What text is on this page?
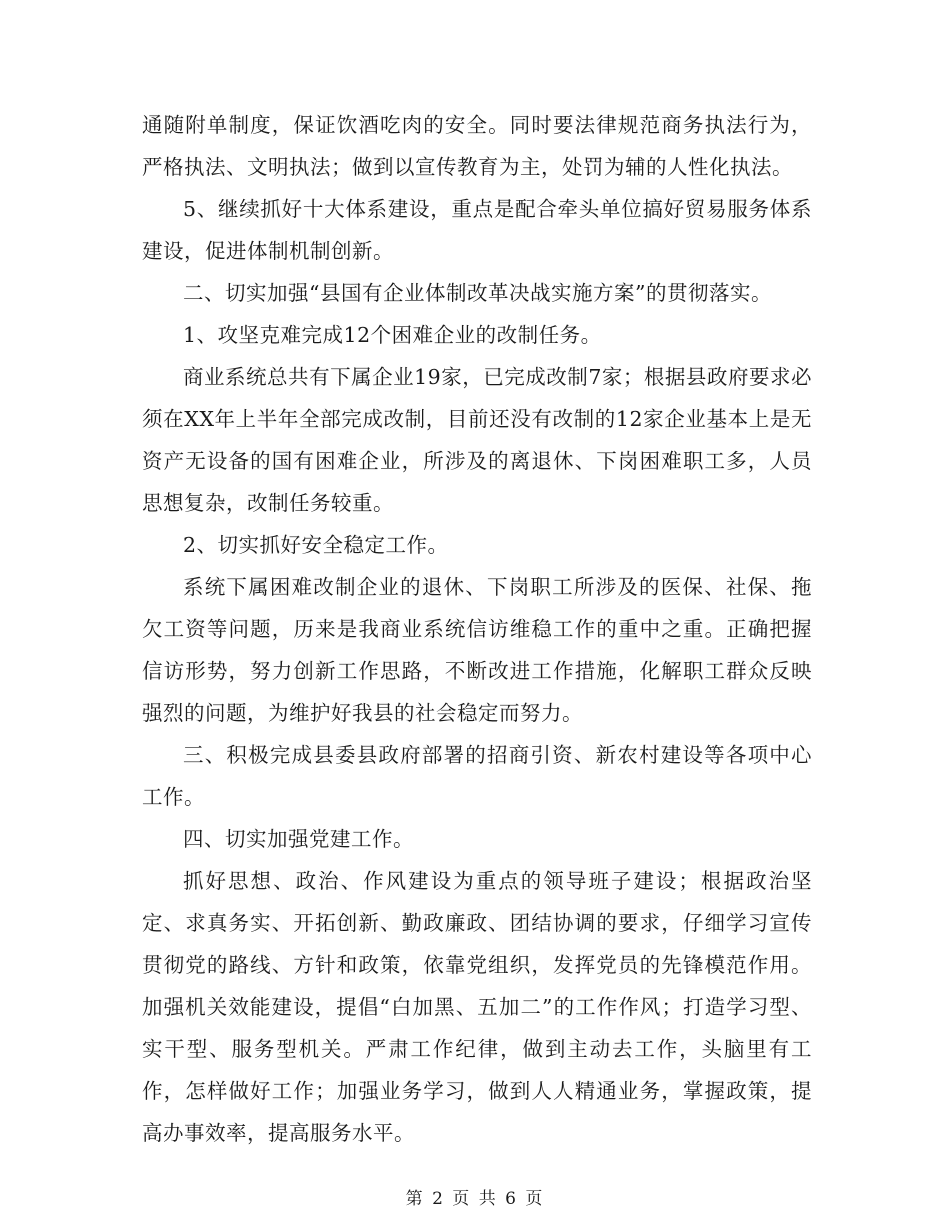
通随附单制度，保证饮酒吃肉的安全。同时要法律规范商务执法行为，严格执法、文明执法；做到以宣传教育为主，处罚为辅的人性化执法。

5、继续抓好十大体系建设，重点是配合牵头单位搞好贸易服务体系建设，促进体制机制创新。

二、切实加强“县国有企业体制改革决战实施方案”的贯彻落实。

1、攻坚克难完成12个困难企业的改制任务。

商业系统总共有下属企业19家，已完成改制7家；根据县政府要求必须在XX年上半年全部完成改制，目前还没有改制的12家企业基本上是无资产无设备的国有困难企业，所涉及的离退休、下岗困难职工多，人员思想复杂，改制任务较重。

2、切实抓好安全稳定工作。

系统下属困难改制企业的退休、下岗职工所涉及的医保、社保、拖欠工资等问题，历来是我商业系统信访维稳工作的重中之重。正确把握信访形势，努力创新工作思路，不断改进工作措施，化解职工群众反映强烈的问题，为维护好我县的社会稳定而努力。

三、积极完成县委县政府部署的招商引资、新农村建设等各项中心工作。

四、切实加强党建工作。

抓好思想、政治、作风建设为重点的领导班子建设；根据政治坚定、求真务实、开拓创新、勤政廉政、团结协调的要求，仔细学习宣传贯彻党的路线、方针和政策，依靠党组织，发挥党员的先锋模范作用。加强机关效能建设，提倡“白加黑、五加二”的工作作风；打造学习型、实干型、服务型机关。严肃工作纪律，做到主动去工作，头脑里有工作，怎样做好工作；加强业务学习，做到人人精通业务，掌握政策，提高办事效率，提高服务水平。

第 2 页 共 6 页
